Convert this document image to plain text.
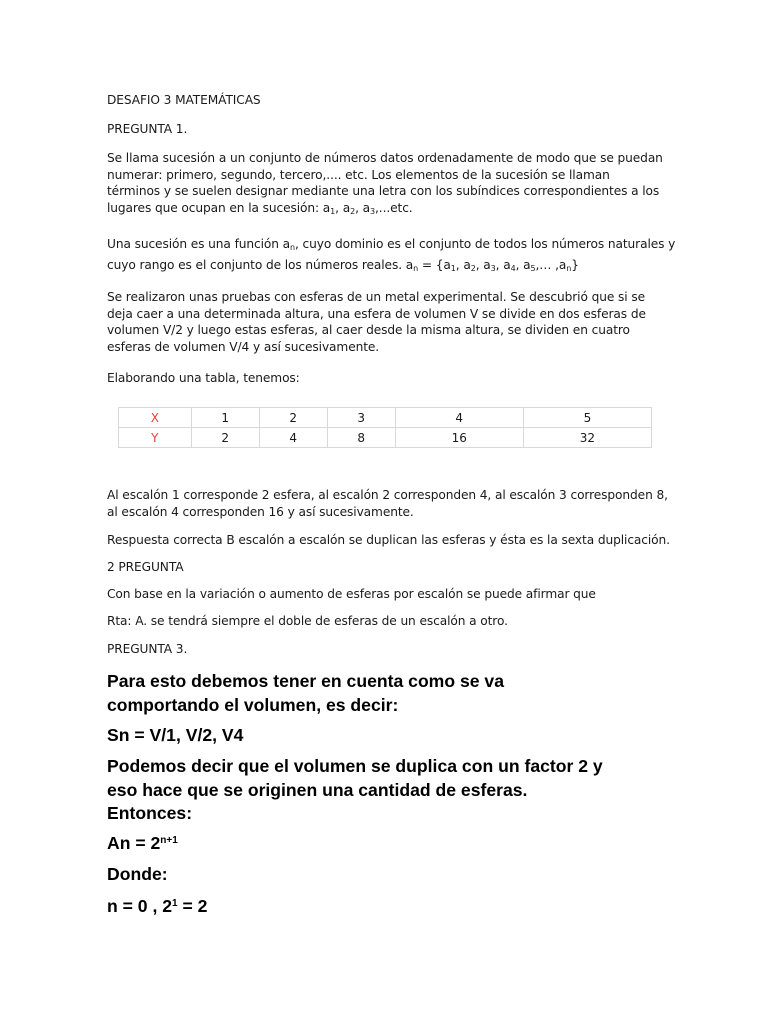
DESAFIO 3 MATEMÁTICAS
PREGUNTA 1.
Se llama sucesión a un conjunto de números datos ordenadamente de modo que se puedan
numerar: primero, segundo, tercero,.... etc. Los elementos de la sucesión se llaman
términos y se suelen designar mediante una letra con los subíndices correspondientes a los
lugares que ocupan en la sucesión: $a_1$, $a_2$, $a_3,...etc$.
Una sucesión es una función $a_n$, cuyo dominio es el conjunto de todos los números naturales y
cuyo rango es el conjunto de los números reales. $a_n = \{a_1$, $a_2$, $a_3$, $a_4$, $a_5,\dots$ $,a_n$}
Se realizaron unas pruebas con esferas de un metal experimental. Se descubrió que si se
deja caer a una determinada altura, una esfera de volumen V se divide en dos esferas de
volumen V/2 y luego estas esferas, al caer desde la misma altura, se dividen en cuatro
esferas de volumen V/4 y así sucesivamente.
Elaborando una tabla, tenemos:
X	1	2	3	4	5
Y	2	4	8	16	32
Al escalón 1 corresponde 2 esfera, al escalón 2 corresponden 4, al escalón 3 corresponden 8,
al escalón 4 corresponden 16 y así sucesivamente.
Respuesta correcta B escalón a escalón se duplican las esferas y ésta es la sexta duplicación.
2 PREGUNTA
Con base en la variación o aumento de esferas por escalón se puede afirmar que
Rta: A. se tendrá siempre el doble de esferas de un escalón a otro.
PREGUNTA 3.
Para esto debemos tener en cuenta como se va
comportando el volumen, es decir:
Sn = V/1, V/2, V4
Podemos decir que el volumen se duplica con un factor 2 y
eso hace que se originen una cantidad de esferas.
Entonces:
$An = 2^{n+1}$
Donde:
n = 0 , $2^1 = 2$
